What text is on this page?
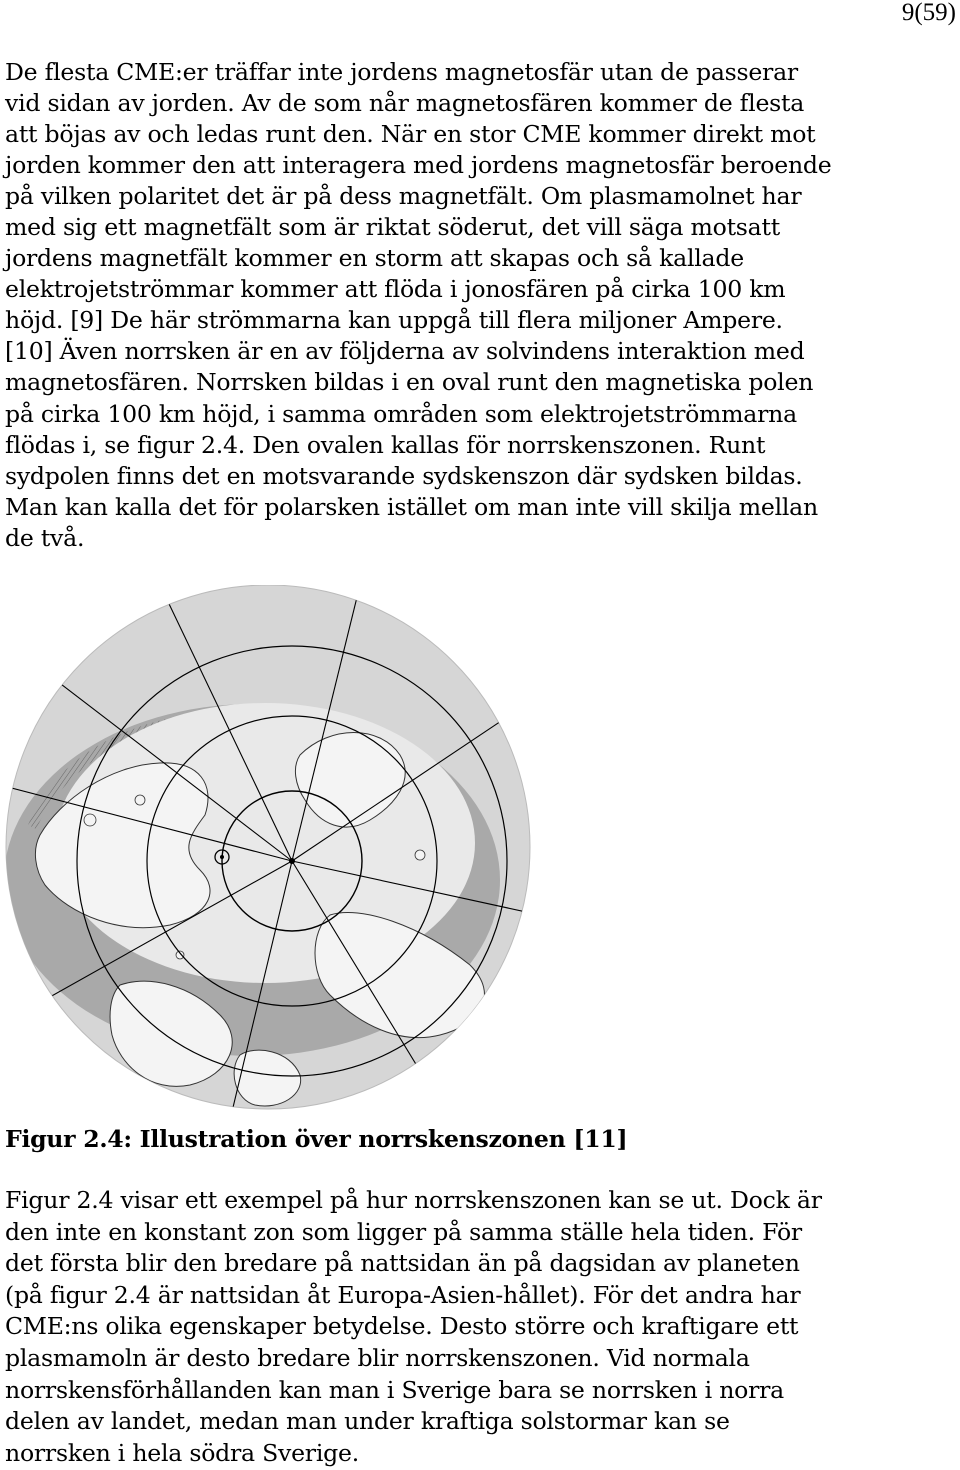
9(59)

De flesta CME:er träffar inte jordens magnetosfär utan de passerar
vid sidan av jorden. Av de som når magnetosfären kommer de flesta
att böjas av och ledas runt den. När en stor CME kommer direkt mot
jorden kommer den att interagera med jordens magnetosfär beroende
på vilken polaritet det är på dess magnetfält. Om plasmamolnet har
med sig ett magnetfält som är riktat söderut, det vill säga motsatt
jordens magnetfält kommer en storm att skapas och så kallade
elektrojetströmmar kommer att flöda i jonosfären på cirka 100 km
höjd. [9] De här strömmarna kan uppgå till flera miljoner Ampere.
[10] Även norrsken är en av följderna av solvindens interaktion med
magnetosfären. Norrsken bildas i en oval runt den magnetiska polen
på cirka 100 km höjd, i samma områden som elektrojetströmmarna
flödas i, se figur 2.4. Den ovalen kallas för norrskenszonen. Runt
sydpolen finns det en motsvarande sydskenszon där sydsken bildas.
Man kan kalla det för polarsken istället om man inte vill skilja mellan
de två.

Figur 2.4: Illustration över norrskenszonen [11]

Figur 2.4 visar ett exempel på hur norrskenszonen kan se ut. Dock är
den inte en konstant zon som ligger på samma ställe hela tiden. För
det första blir den bredare på nattsidan än på dagsidan av planeten
(på figur 2.4 är nattsidan åt Europa-Asien-hållet). För det andra har
CME:ns olika egenskaper betydelse. Desto större och kraftigare ett
plasmamoln är desto bredare blir norrskenszonen. Vid normala
norrskensförhållanden kan man i Sverige bara se norrsken i norra
delen av landet, medan man under kraftiga solstormar kan se
norrsken i hela södra Sverige.
